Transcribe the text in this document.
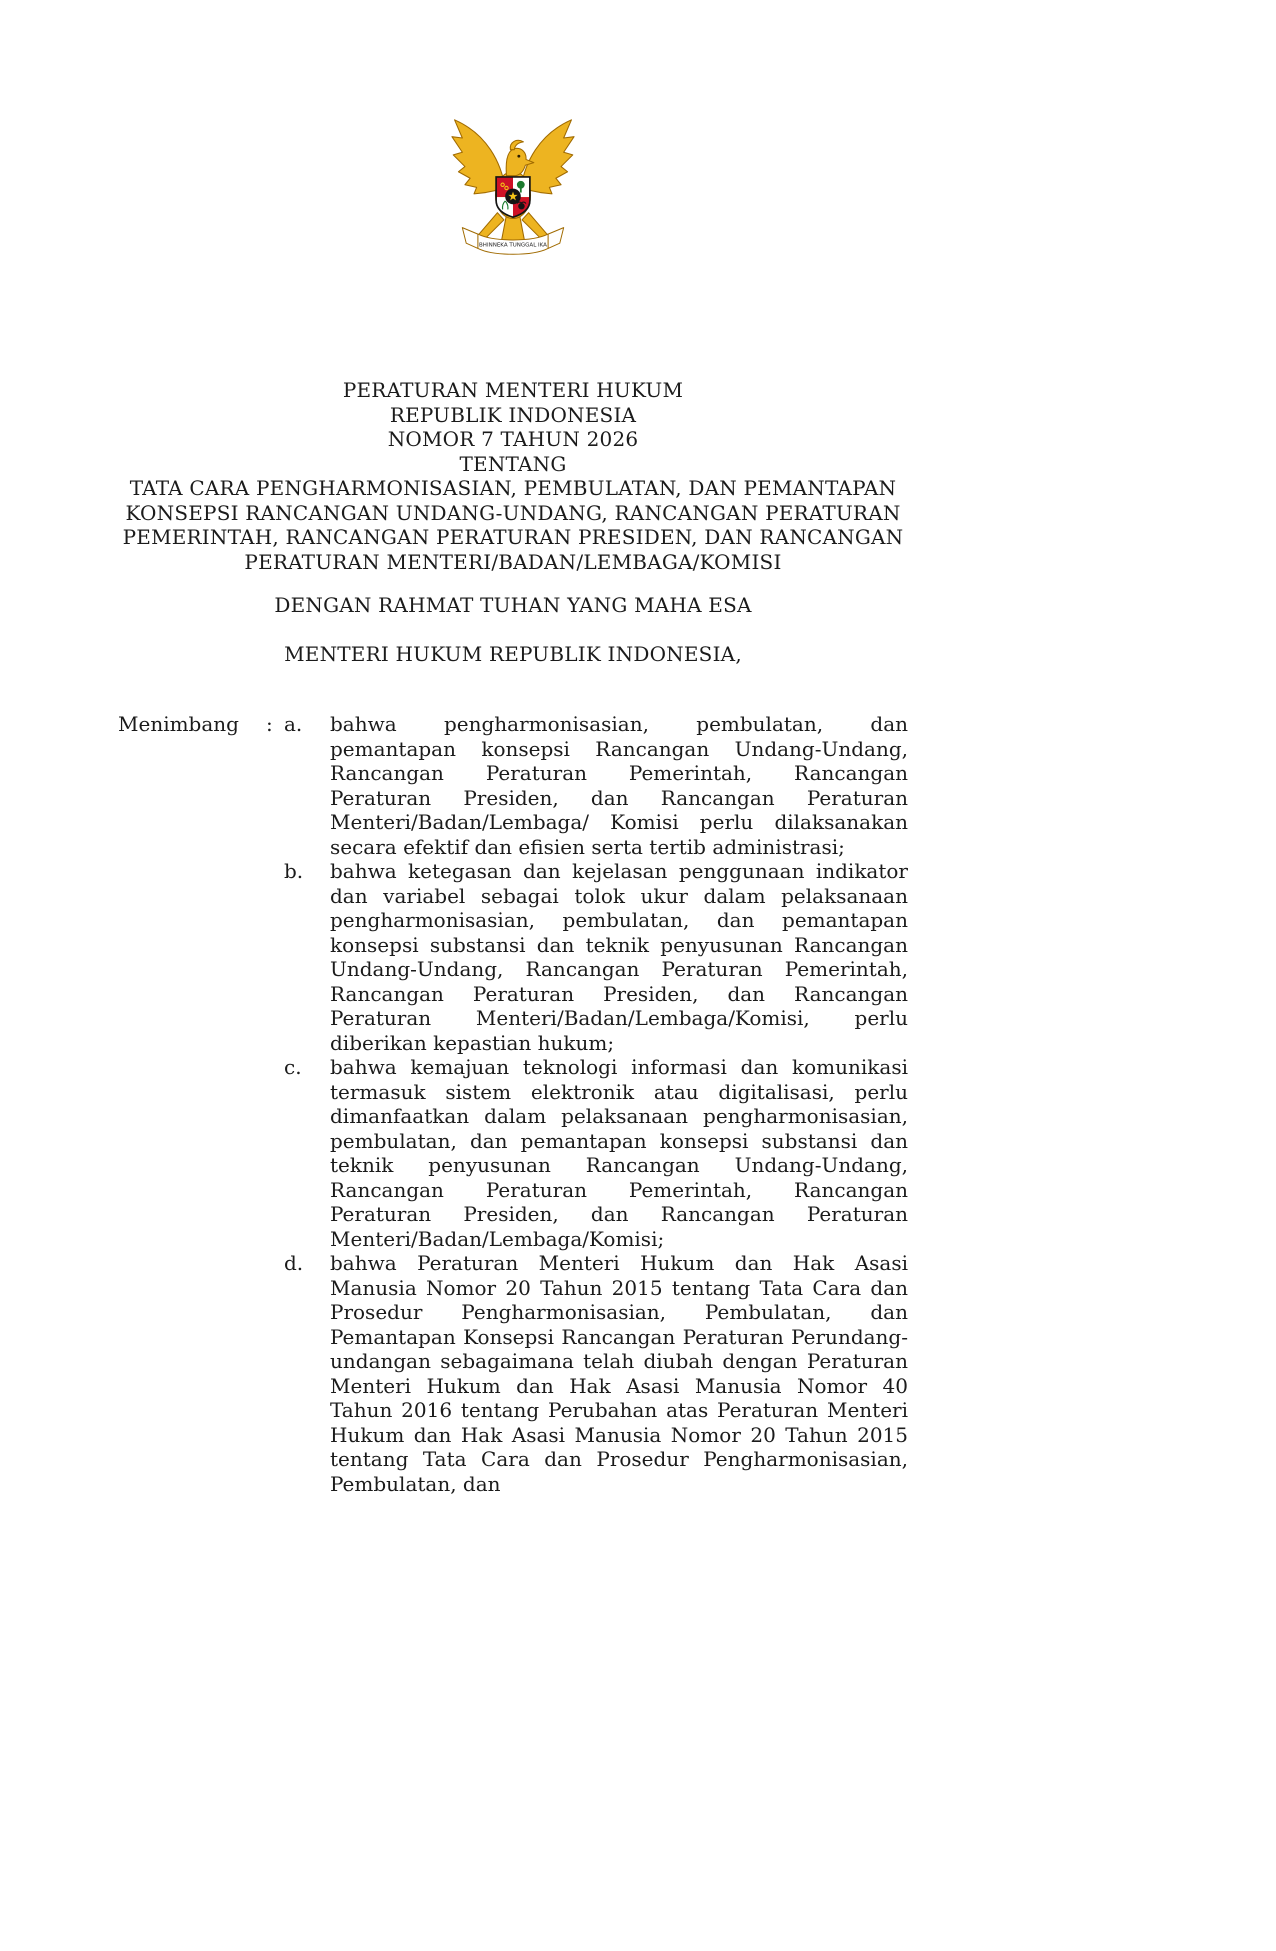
BHINNEKA TUNGGAL IKA
PERATURAN MENTERI HUKUM
REPUBLIK INDONESIA
NOMOR 7 TAHUN 2026
TENTANG
TATA CARA PENGHARMONISASIAN, PEMBULATAN, DAN PEMANTAPAN
KONSEPSI RANCANGAN UNDANG-UNDANG, RANCANGAN PERATURAN
PEMERINTAH, RANCANGAN PERATURAN PRESIDEN, DAN RANCANGAN
PERATURAN MENTERI/BADAN/LEMBAGA/KOMISI
DENGAN RAHMAT TUHAN YANG MAHA ESA
MENTERI HUKUM REPUBLIK INDONESIA,
Menimbang	: a.	bahwa pengharmonisasian, pembulatan, dan pemantapan konsepsi Rancangan Undang-Undang, Rancangan Peraturan Pemerintah, Rancangan Peraturan Presiden, dan Rancangan Peraturan Menteri/Badan/Lembaga/ Komisi perlu dilaksanakan secara efektif dan efisien serta tertib administrasi;
b.	bahwa ketegasan dan kejelasan penggunaan indikator dan variabel sebagai tolok ukur dalam pelaksanaan pengharmonisasian, pembulatan, dan pemantapan konsepsi substansi dan teknik penyusunan Rancangan Undang-Undang, Rancangan Peraturan Pemerintah, Rancangan Peraturan Presiden, dan Rancangan Peraturan Menteri/Badan/Lembaga/Komisi, perlu diberikan kepastian hukum;
c.	bahwa kemajuan teknologi informasi dan komunikasi termasuk sistem elektronik atau digitalisasi, perlu dimanfaatkan dalam pelaksanaan pengharmonisasian, pembulatan, dan pemantapan konsepsi substansi dan teknik penyusunan Rancangan Undang-Undang, Rancangan Peraturan Pemerintah, Rancangan Peraturan Presiden, dan Rancangan Peraturan Menteri/Badan/Lembaga/Komisi;
d.	bahwa Peraturan Menteri Hukum dan Hak Asasi Manusia Nomor 20 Tahun 2015 tentang Tata Cara dan Prosedur Pengharmonisasian, Pembulatan, dan Pemantapan Konsepsi Rancangan Peraturan Perundang-undangan sebagaimana telah diubah dengan Peraturan Menteri Hukum dan Hak Asasi Manusia Nomor 40 Tahun 2016 tentang Perubahan atas Peraturan Menteri Hukum dan Hak Asasi Manusia Nomor 20 Tahun 2015 tentang Tata Cara dan Prosedur Pengharmonisasian, Pembulatan, dan
